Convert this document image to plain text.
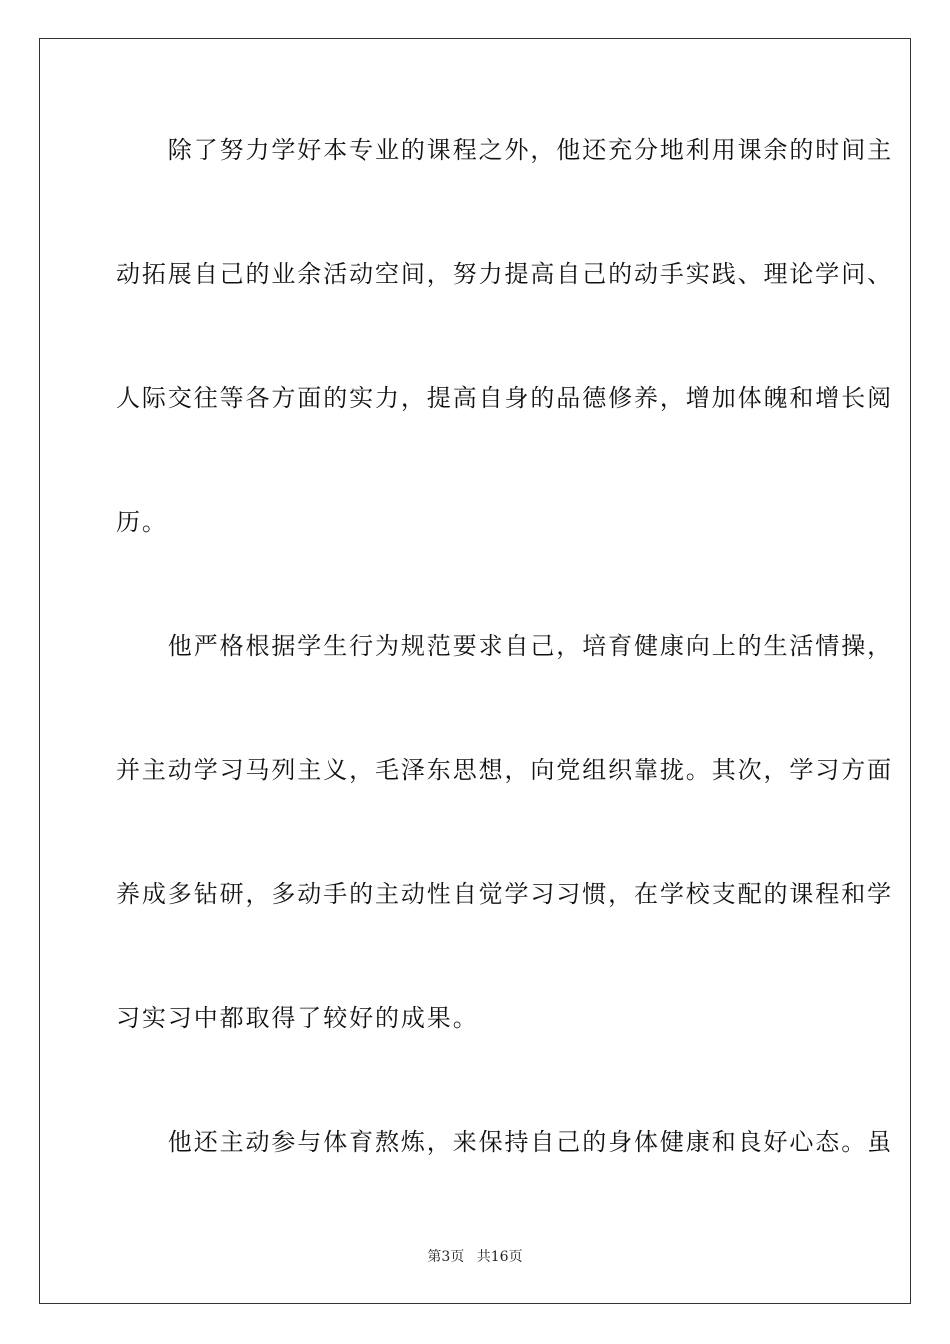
　　除了努力学好本专业的课程之外，他还充分地利用课余的时间主
动拓展自己的业余活动空间，努力提高自己的动手实践、理论学问、
人际交往等各方面的实力，提高自身的品德修养，增加体魄和增长阅
历。
　　他严格根据学生行为规范要求自己，培育健康向上的生活情操，
并主动学习马列主义，毛泽东思想，向党组织靠拢。其次，学习方面
养成多钻研，多动手的主动性自觉学习习惯，在学校支配的课程和学
习实习中都取得了较好的成果。
　　他还主动参与体育熬炼，来保持自己的身体健康和良好心态。虽
第3页 共16页
